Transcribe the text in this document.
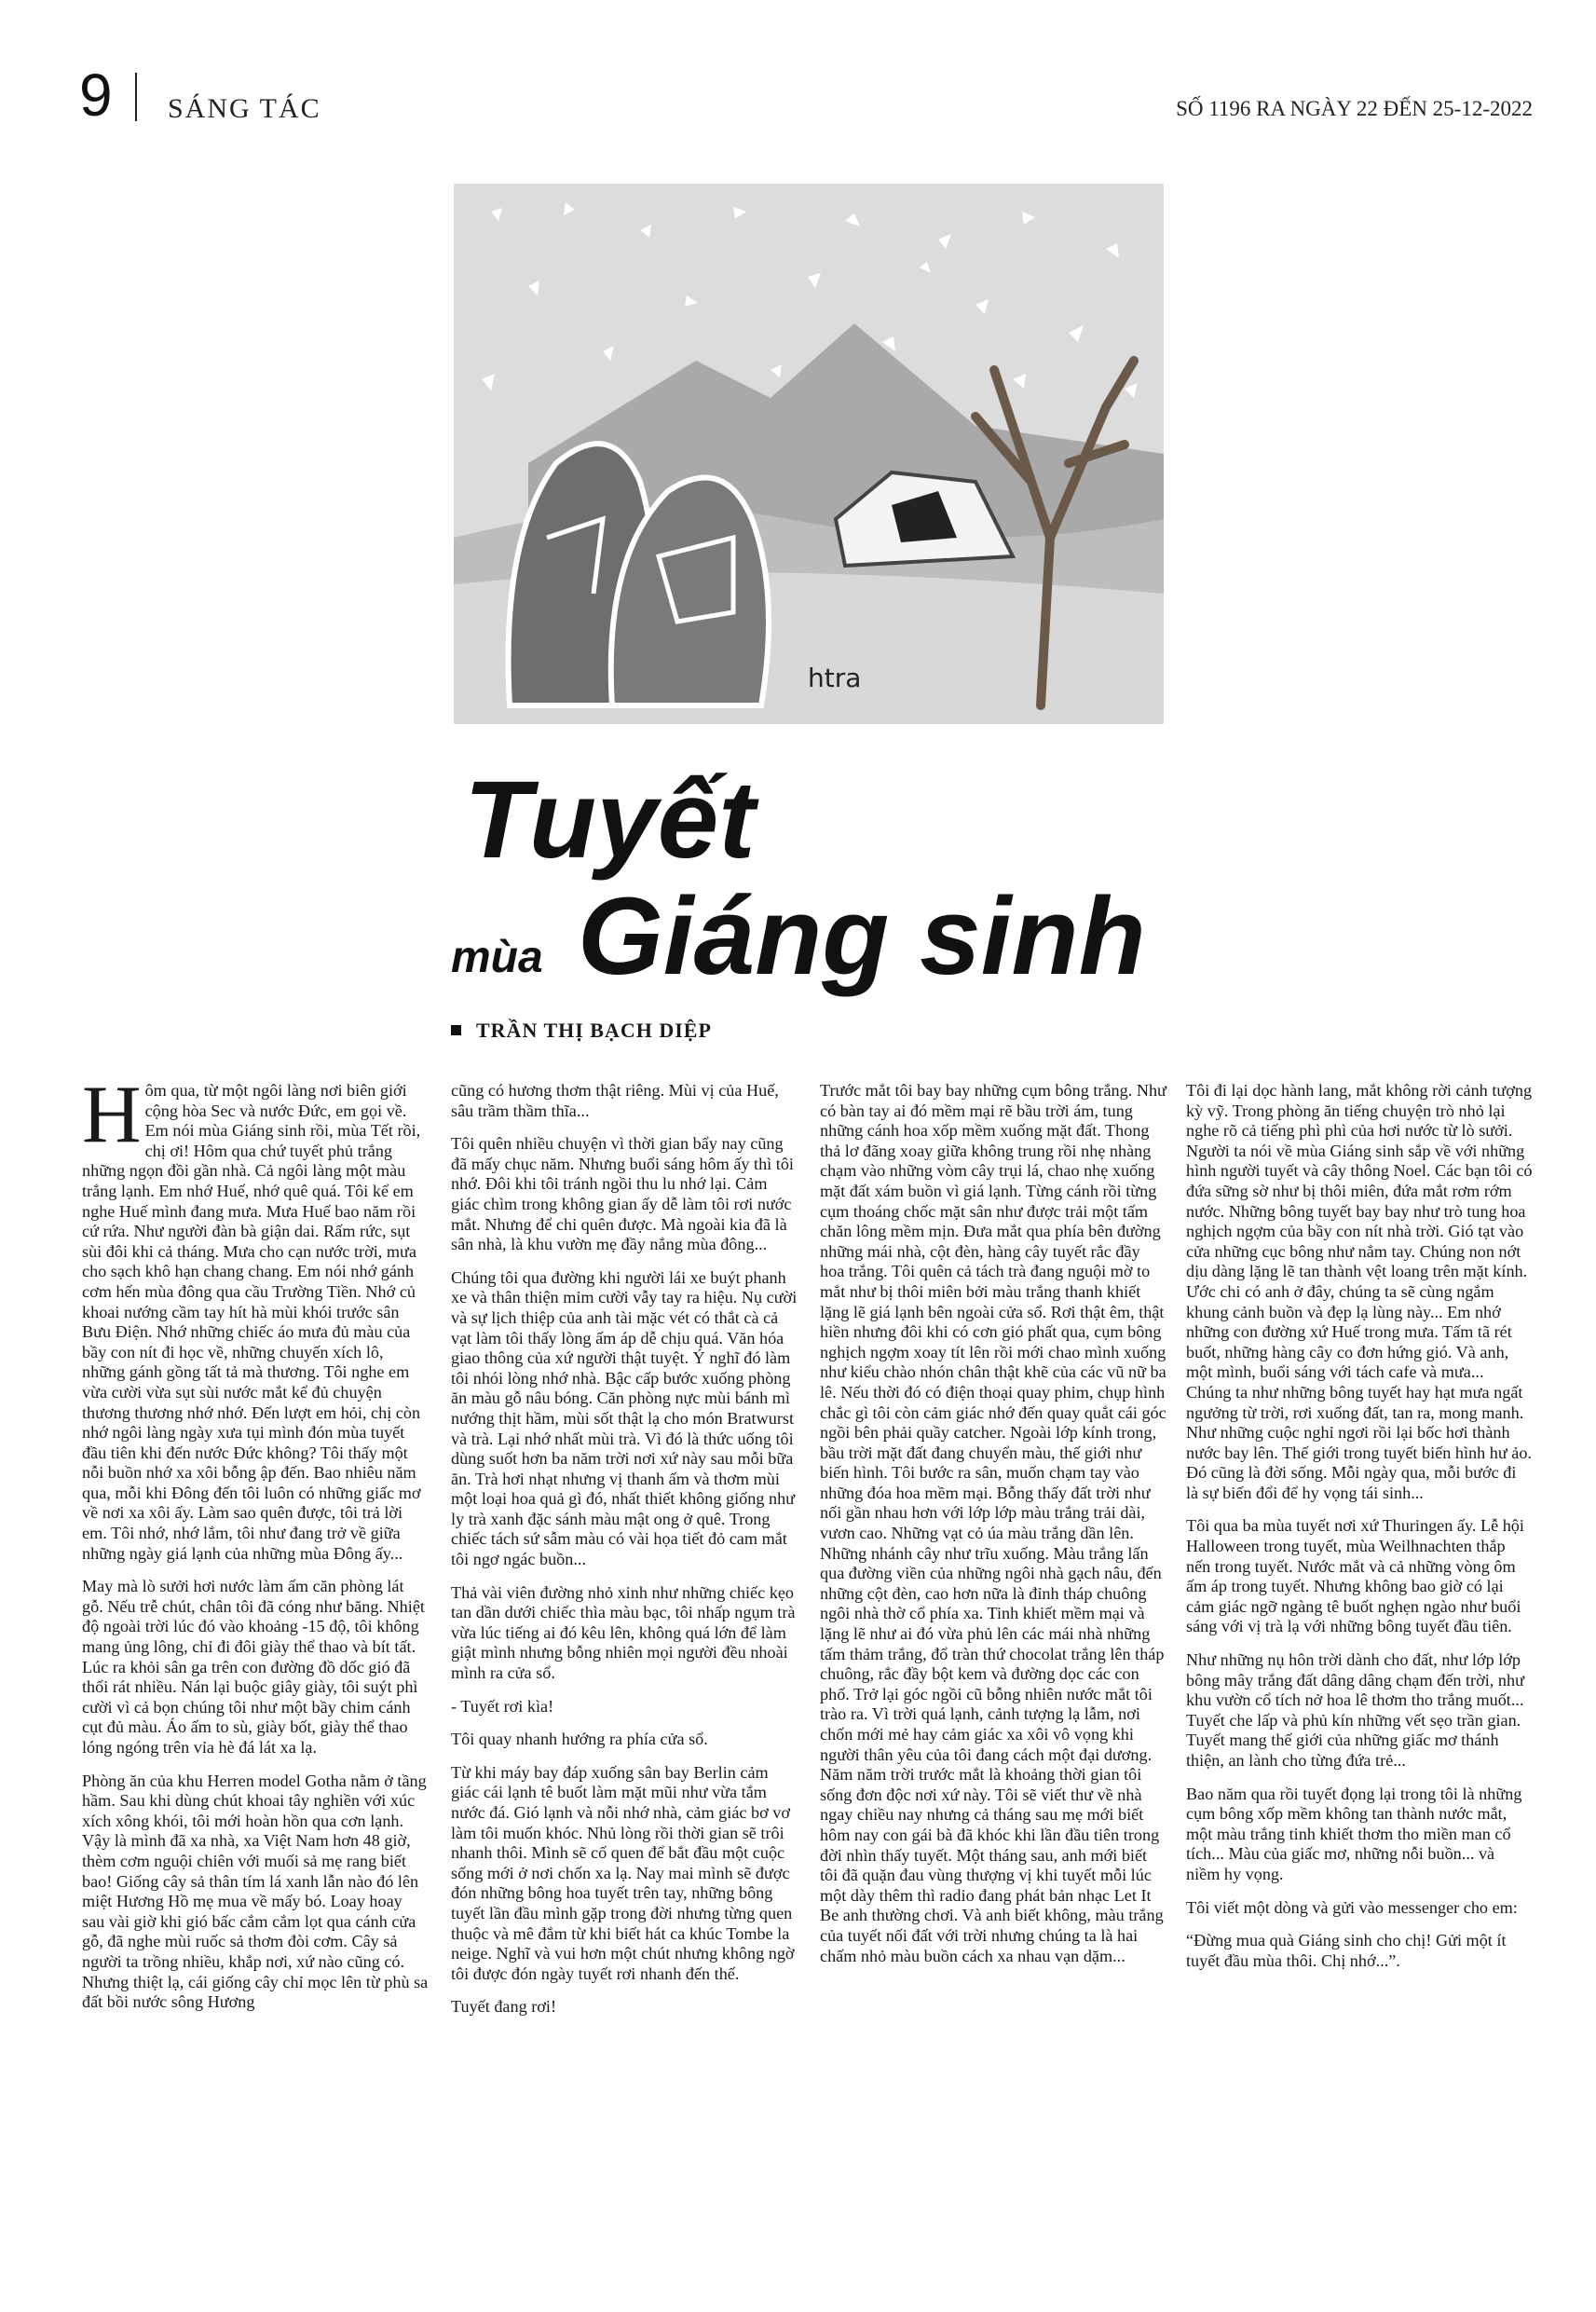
9 SÁNG TÁC	SỐ 1196 RA NGÀY 22 ĐẾN 25-12-2022
htra
Tuyết
mùa Giáng sinh
TRẦN THỊ BẠCH DIỆP

Hôm qua, từ một ngôi làng nơi biên giới cộng hòa Sec và nước Đức, em gọi về. Em nói mùa Giáng sinh rồi, mùa Tết rồi, chị ơi! Hôm qua chứ tuyết phủ trắng những ngọn đồi gần nhà. Cả ngôi làng một màu trắng lạnh. Em nhớ Huế, nhớ quê quá. Tôi kể em nghe Huế mình đang mưa. Mưa Huế bao năm rồi cứ rứa. Như người đàn bà giận dai. Rấm rức, sụt sùi đôi khi cả tháng. Mưa cho cạn nước trời, mưa cho sạch khô hạn chang chang. Em nói nhớ gánh cơm hến mùa đông qua cầu Trường Tiền. Nhớ củ khoai nướng cầm tay hít hà mùi khói trước sân Bưu Điện. Nhớ những chiếc áo mưa đủ màu của bầy con nít đi học về, những chuyến xích lô, những gánh gồng tất tả mà thương. Tôi nghe em vừa cười vừa sụt sùi nước mắt kể đủ chuyện thương thương nhớ nhớ. Đến lượt em hỏi, chị còn nhớ ngôi làng ngày xưa tụi mình đón mùa tuyết đầu tiên khi đến nước Đức không? Tôi thấy một nỗi buồn nhớ xa xôi bỗng ập đến. Bao nhiêu năm qua, mỗi khi Đông đến tôi luôn có những giấc mơ về nơi xa xôi ấy. Làm sao quên được, tôi trả lời em. Tôi nhớ, nhớ lắm, tôi như đang trở về giữa những ngày giá lạnh của những mùa Đông ấy...

May mà lò sưởi hơi nước làm ấm căn phòng lát gỗ. Nếu trễ chút, chân tôi đã cóng như băng. Nhiệt độ ngoài trời lúc đó vào khoảng -15 độ, tôi không mang ủng lông, chỉ đi đôi giày thể thao và bít tất. Lúc ra khỏi sân ga trên con đường đồ dốc gió đã thổi rát nhiều. Nán lại buộc giây giày, tôi suýt phì cười vì cả bọn chúng tôi như một bầy chim cánh cụt đủ màu. Áo ấm to sù, giày bốt, giày thể thao lóng ngóng trên vỉa hè đá lát xa lạ.

Phòng ăn của khu Herren model Gotha nằm ở tầng hầm. Sau khi dùng chút khoai tây nghiền với xúc xích xông khói, tôi mới hoàn hồn qua cơn lạnh. Vậy là mình đã xa nhà, xa Việt Nam hơn 48 giờ, thèm cơm nguội chiên với muối sả mẹ rang biết bao! Giống cây sả thân tím lá xanh lẫn nào đó lên miệt Hương Hồ mẹ mua về mấy bó. Loay hoay sau vài giờ khi gió bấc cắm cắm lọt qua cánh cửa gỗ, đã nghe mùi ruốc sả thơm đòi cơm. Cây sả người ta trồng nhiều, khắp nơi, xứ nào cũng có. Nhưng thiệt lạ, cái giống cây chỉ mọc lên từ phù sa đất bồi nước sông Hương

cũng có hương thơm thật riêng. Mùi vị của Huế, sâu trầm thầm thĩa...

Tôi quên nhiều chuyện vì thời gian bẩy nay cũng đã mấy chục năm. Nhưng buổi sáng hôm ấy thì tôi nhớ. Đôi khi tôi tránh ngồi thu lu nhớ lại. Cảm giác chìm trong không gian ấy dễ làm tôi rơi nước mắt. Nhưng để chi quên được. Mà ngoài kia đã là sân nhà, là khu vườn mẹ đầy nắng mùa đông...

Chúng tôi qua đường khi người lái xe buýt phanh xe và thân thiện mỉm cười vẫy tay ra hiệu. Nụ cười và sự lịch thiệp của anh tài mặc vét có thắt cà cả vạt làm tôi thấy lòng ấm áp dễ chịu quá. Văn hóa giao thông của xứ người thật tuyệt. Ý nghĩ đó làm tôi nhói lòng nhớ nhà. Bậc cấp bước xuống phòng ăn màu gỗ nâu bóng. Căn phòng nực mùi bánh mì nướng thịt hầm, mùi sốt thật lạ cho món Bratwurst và trà. Lại nhớ nhất mùi trà. Vì đó là thức uống tôi dùng suốt hơn ba năm trời nơi xứ này sau mỗi bữa ăn. Trà hơi nhạt nhưng vị thanh ấm và thơm mùi một loại hoa quả gì đó, nhất thiết không giống như ly trà xanh đặc sánh màu mật ong ở quê. Trong chiếc tách sứ sẫm màu có vài họa tiết đỏ cam mắt tôi ngơ ngác buồn...

Thả vài viên đường nhỏ xinh như những chiếc kẹo tan dần dưới chiếc thìa màu bạc, tôi nhấp ngụm trà vừa lúc tiếng ai đó kêu lên, không quá lớn để làm giật mình nhưng bỗng nhiên mọi người đều nhoài mình ra cửa sổ.

- Tuyết rơi kìa!

Tôi quay nhanh hướng ra phía cửa sổ.

Từ khi máy bay đáp xuống sân bay Berlin cảm giác cái lạnh tê buốt làm mặt mũi như vừa tắm nước đá. Gió lạnh và nỗi nhớ nhà, cảm giác bơ vơ làm tôi muốn khóc. Nhủ lòng rồi thời gian sẽ trôi nhanh thôi. Mình sẽ cố quen để bắt đầu một cuộc sống mới ở nơi chốn xa lạ. Nay mai mình sẽ được đón những bông hoa tuyết trên tay, những bông tuyết lần đầu mình gặp trong đời nhưng từng quen thuộc và mê đắm từ khi biết hát ca khúc Tombe la neige. Nghĩ và vui hơn một chút nhưng không ngờ tôi được đón ngày tuyết rơi nhanh đến thế.

Tuyết đang rơi!

Trước mắt tôi bay bay những cụm bông trắng. Như có bàn tay ai đó mềm mại rẽ bầu trời ám, tung những cánh hoa xốp mềm xuống mặt đất. Thong thả lơ đãng xoay giữa không trung rồi nhẹ nhàng chạm vào những vòm cây trụi lá, chao nhẹ xuống mặt đất xám buồn vì giá lạnh. Từng cánh rồi từng cụm thoáng chốc mặt sân như được trải một tấm chăn lông mềm mịn. Đưa mắt qua phía bên đường những mái nhà, cột đèn, hàng cây tuyết rắc đầy hoa trắng. Tôi quên cả tách trà đang nguội mờ to mắt như bị thôi miên bởi màu trắng thanh khiết lặng lẽ giá lạnh bên ngoài cửa sổ. Rơi thật êm, thật hiền nhưng đôi khi có cơn gió phất qua, cụm bông nghịch ngợm xoay tít lên rồi mới chao mình xuống như kiểu chào nhón chân thật khẽ của các vũ nữ ba lê. Nếu thời đó có điện thoại quay phim, chụp hình chắc gì tôi còn cảm giác nhớ đến quay quắt cái góc ngồi bên phải quầy catcher. Ngoài lớp kính trong, bầu trời mặt đất đang chuyển màu, thế giới như biến hình. Tôi bước ra sân, muốn chạm tay vào những đóa hoa mềm mại. Bỗng thấy đất trời như nối gần nhau hơn với lớp lớp màu trắng trải dài, vươn cao. Những vạt cỏ úa màu trắng dần lên. Những nhánh cây như trĩu xuống. Màu trắng lấn qua đường viền của những ngôi nhà gạch nâu, đến những cột đèn, cao hơn nữa là đỉnh tháp chuông ngôi nhà thờ cổ phía xa. Tinh khiết mềm mại và lặng lẽ như ai đó vừa phủ lên các mái nhà những tấm thảm trắng, đổ tràn thứ chocolat trắng lên tháp chuông, rắc đầy bột kem và đường dọc các con phố. Trở lại góc ngồi cũ bỗng nhiên nước mắt tôi trào ra. Vì trời quá lạnh, cảnh tượng lạ lẫm, nơi chốn mới mẻ hay cảm giác xa xôi vô vọng khi người thân yêu của tôi đang cách một đại dương. Năm năm trời trước mắt là khoảng thời gian tôi sống đơn độc nơi xứ này. Tôi sẽ viết thư về nhà ngay chiều nay nhưng cả tháng sau mẹ mới biết hôm nay con gái bà đã khóc khi lần đầu tiên trong đời nhìn thấy tuyết. Một tháng sau, anh mới biết tôi đã quặn đau vùng thượng vị khi tuyết mỗi lúc một dày thêm thì radio đang phát bản nhạc Let It Be anh thường chơi. Và anh biết không, màu trắng của tuyết nối đất với trời nhưng chúng ta là hai chấm nhỏ màu buồn cách xa nhau vạn dặm...

Tôi đi lại dọc hành lang, mắt không rời cảnh tượng kỳ vỹ. Trong phòng ăn tiếng chuyện trò nhỏ lại nghe rõ cả tiếng phì phì của hơi nước từ lò sưởi. Người ta nói về mùa Giáng sinh sắp về với những hình người tuyết và cây thông Noel. Các bạn tôi có đứa sững sờ như bị thôi miên, đứa mắt rơm rớm nước. Những bông tuyết bay bay như trò tung hoa nghịch ngợm của bầy con nít nhà trời. Gió tạt vào cửa những cục bông như nắm tay. Chúng non nớt dịu dàng lặng lẽ tan thành vệt loang trên mặt kính. Ước chi có anh ở đây, chúng ta sẽ cùng ngắm khung cảnh buồn và đẹp lạ lùng này... Em nhớ những con đường xứ Huế trong mưa. Tấm tã rét buốt, những hàng cây co đơn hứng gió. Và anh, một mình, buổi sáng với tách cafe và mưa... Chúng ta như những bông tuyết hay hạt mưa ngất ngưởng từ trời, rơi xuống đất, tan ra, mong manh. Như những cuộc nghỉ ngơi rồi lại bốc hơi thành nước bay lên. Thế giới trong tuyết biến hình hư ảo. Đó cũng là đời sống. Mỗi ngày qua, mỗi bước đi là sự biến đổi để hy vọng tái sinh...

Tôi qua ba mùa tuyết nơi xứ Thuringen ấy. Lễ hội Halloween trong tuyết, mùa Weilhnachten thắp nến trong tuyết. Nước mắt và cả những vòng ôm ấm áp trong tuyết. Nhưng không bao giờ có lại cảm giác ngỡ ngàng tê buốt nghẹn ngào như buổi sáng với vị trà lạ với những bông tuyết đầu tiên.

Như những nụ hôn trời dành cho đất, như lớp lớp bông mây trắng đất dâng dâng chạm đến trời, như khu vườn cổ tích nở hoa lê thơm tho trắng muốt... Tuyết che lấp và phủ kín những vết sẹo trần gian. Tuyết mang thế giới của những giấc mơ thánh thiện, an lành cho từng đứa trẻ...

Bao năm qua rồi tuyết đọng lại trong tôi là những cụm bông xốp mềm không tan thành nước mắt, một màu trắng tinh khiết thơm tho miền man cổ tích... Màu của giấc mơ, những nỗi buồn... và niềm hy vọng.

Tôi viết một dòng và gửi vào messenger cho em:

“Đừng mua quà Giáng sinh cho chị! Gửi một ít tuyết đầu mùa thôi. Chị nhớ...”.
